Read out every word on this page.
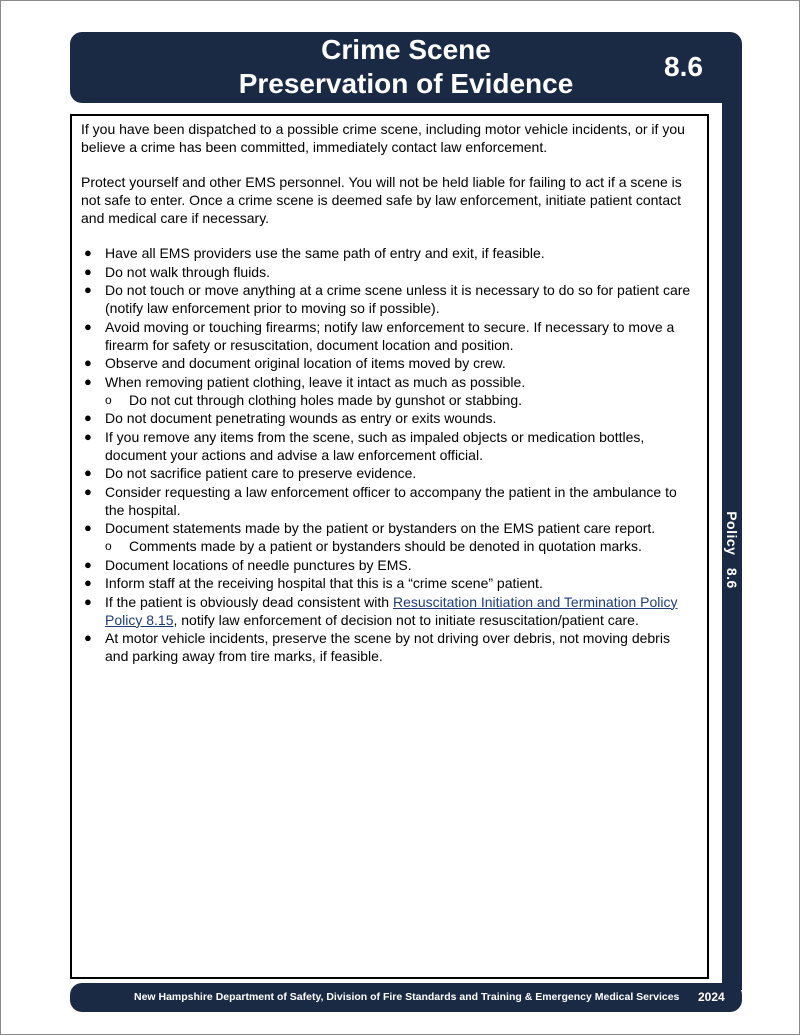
Crime Scene
Preservation of Evidence
8.6
Policy 8.6

If you have been dispatched to a possible crime scene, including motor vehicle incidents, or if you believe a crime has been committed, immediately contact law enforcement.

Protect yourself and other EMS personnel. You will not be held liable for failing to act if a scene is not safe to enter. Once a crime scene is deemed safe by law enforcement, initiate patient contact and medical care if necessary.

● Have all EMS providers use the same path of entry and exit, if feasible.
● Do not walk through fluids.
● Do not touch or move anything at a crime scene unless it is necessary to do so for patient care (notify law enforcement prior to moving so if possible).
● Avoid moving or touching firearms; notify law enforcement to secure. If necessary to move a firearm for safety or resuscitation, document location and position.
● Observe and document original location of items moved by crew.
● When removing patient clothing, leave it intact as much as possible.
o Do not cut through clothing holes made by gunshot or stabbing.
● Do not document penetrating wounds as entry or exits wounds.
● If you remove any items from the scene, such as impaled objects or medication bottles, document your actions and advise a law enforcement official.
● Do not sacrifice patient care to preserve evidence.
● Consider requesting a law enforcement officer to accompany the patient in the ambulance to the hospital.
● Document statements made by the patient or bystanders on the EMS patient care report.
o Comments made by a patient or bystanders should be denoted in quotation marks.
● Document locations of needle punctures by EMS.
● Inform staff at the receiving hospital that this is a “crime scene” patient.
● If the patient is obviously dead consistent with Resuscitation Initiation and Termination Policy Policy 8.15, notify law enforcement of decision not to initiate resuscitation/patient care.
● At motor vehicle incidents, preserve the scene by not driving over debris, not moving debris and parking away from tire marks, if feasible.
New Hampshire Department of Safety, Division of Fire Standards and Training & Emergency Medical Services 2024
